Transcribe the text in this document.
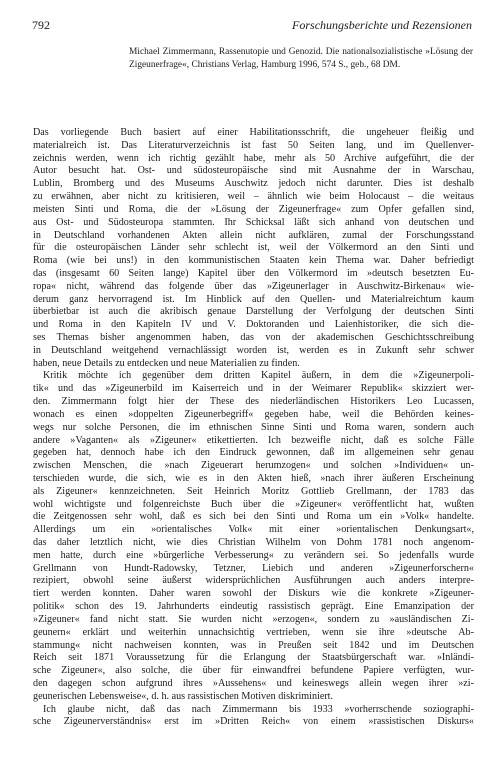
792	Forschungsberichte und Rezensionen
Michael Zimmermann, Rassenutopie und Genozid. Die nationalsozialistische »Lösung der Zigeunerfrage«, Christians Verlag, Hamburg 1996, 574 S., geb., 68 DM.
Das vorliegende Buch basiert auf einer Habilitationsschrift, die ungeheuer fleißig und
materialreich ist. Das Literaturverzeichnis ist fast 50 Seiten lang, und im Quellenver-
zeichnis werden, wenn ich richtig gezählt habe, mehr als 50 Archive aufgeführt, die der
Autor besucht hat. Ost- und südosteuropäische sind mit Ausnahme der in Warschau,
Lublin, Bromberg und des Museums Auschwitz jedoch nicht darunter. Dies ist deshalb
zu erwähnen, aber nicht zu kritisieren, weil – ähnlich wie beim Holocaust – die weitaus
meisten Sinti und Roma, die der »Lösung der Zigeunerfrage« zum Opfer gefallen sind,
aus Ost- und Südosteuropa stammten. Ihr Schicksal läßt sich anhand von deutschen und
in Deutschland vorhandenen Akten allein nicht aufklären, zumal der Forschungsstand
für die osteuropäischen Länder sehr schlecht ist, weil der Völkermord an den Sinti und
Roma (wie bei uns!) in den kommunistischen Staaten kein Thema war. Daher befriedigt
das (insgesamt 60 Seiten lange) Kapitel über den Völkermord im »deutsch besetzten Eu-
ropa« nicht, während das folgende über das »Zigeunerlager in Auschwitz-Birkenau« wie-
derum ganz hervorragend ist. Im Hinblick auf den Quellen- und Materialreichtum kaum
überbietbar ist auch die akribisch genaue Darstellung der Verfolgung der deutschen Sinti
und Roma in den Kapiteln IV und V. Doktoranden und Laienhistoriker, die sich die-
ses Themas bisher angenommen haben, das von der akademischen Geschichtsschreibung
in Deutschland weitgehend vernachlässigt worden ist, werden es in Zukunft sehr schwer
haben, neue Details zu entdecken und neue Materialien zu finden.
Kritik möchte ich gegenüber dem dritten Kapitel äußern, in dem die »Zigeunerpoli-
tik« und das »Zigeunerbild im Kaiserreich und in der Weimarer Republik« skizziert wer-
den. Zimmermann folgt hier der These des niederländischen Historikers Leo Lucassen,
wonach es einen »doppelten Zigeunerbegriff« gegeben habe, weil die Behörden keines-
wegs nur solche Personen, die im ethnischen Sinne Sinti und Roma waren, sondern auch
andere »Vaganten« als »Zigeuner« etikettierten. Ich bezweifle nicht, daß es solche Fälle
gegeben hat, dennoch habe ich den Eindruck gewonnen, daß im allgemeinen sehr genau
zwischen Menschen, die »nach Zigeuerart herumzogen« und solchen »Individuen« un-
terschieden wurde, die sich, wie es in den Akten hieß, »nach ihrer äußeren Erscheinung
als Zigeuner« kennzeichneten. Seit Heinrich Moritz Gottlieb Grellmann, der 1783 das
wohl wichtigste und folgenreichste Buch über die »Zigeuner« veröffentlicht hat, wußten
die Zeitgenossen sehr wohl, daß es sich bei den Sinti und Roma um ein »Volk« handelte.
Allerdings um ein »orientalisches Volk« mit einer »orientalischen Denkungsart«,
das daher letztlich nicht, wie dies Christian Wilhelm von Dohm 1781 noch angenom-
men hatte, durch eine »bürgerliche Verbesserung« zu verändern sei. So jedenfalls wurde
Grellmann von Hundt-Radowsky, Tetzner, Liebich und anderen »Zigeunerforschern«
rezipiert, obwohl seine äußerst widersprüchlichen Ausführungen auch anders interpre-
tiert werden konnten. Daher waren sowohl der Diskurs wie die konkrete »Zigeuner-
politik« schon des 19. Jahrhunderts eindeutig rassistisch geprägt. Eine Emanzipation der
»Zigeuner« fand nicht statt. Sie wurden nicht »erzogen«, sondern zu »ausländischen Zi-
geunern« erklärt und weiterhin unnachsichtig vertrieben, wenn sie ihre »deutsche Ab-
stammung« nicht nachweisen konnten, was in Preußen seit 1842 und im Deutschen
Reich seit 1871 Voraussetzung für die Erlangung der Staatsbürgerschaft war. »Inländi-
sche Zigeuner«, also solche, die über für einwandfrei befundene Papiere verfügten, wur-
den dagegen schon aufgrund ihres »Aussehens« und keineswegs allein wegen ihrer »zi-
geunerischen Lebensweise«, d. h. aus rassistischen Motiven diskriminiert.
Ich glaube nicht, daß das nach Zimmermann bis 1933 »vorherrschende soziographi-
sche Zigeunerverständnis« erst im »Dritten Reich« von einem »rassistischen Diskurs«
